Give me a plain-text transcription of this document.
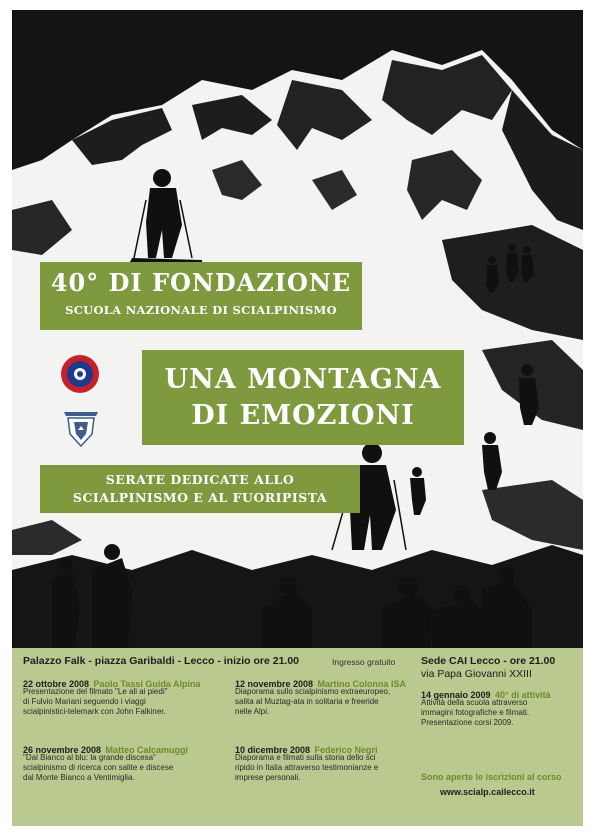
40° DI FONDAZIONE
SCUOLA NAZIONALE DI SCIALPINISMO
UNA MONTAGNA
DI EMOZIONI
SERATE DEDICATE ALLO
SCIALPINISMO E AL FUORIPISTA
Palazzo Falk - piazza Garibaldi - Lecco - inizio ore 21.00	Ingresso gratuito
22 ottobre 2008 Paolo Tassi Guida Alpina
Presentazione del filmato "Le ali ai piedi"
di Fulvio Mariani seguendo i viaggi
scialpinistici-telemark con John Falkiner.
12 novembre 2008 Martino Colonna ISA
Diaporama sullo scialpinismo extraeuropeo,
salita al Muztag-ata in solitaria e freeride
nelle Alpi.
26 novembre 2008 Matteo Calcamuggi
"Dal Bianco al blu: la grande discesa"
scialpinismo di ricerca con salite e discese
dal Monte Bianco a Ventimiglia.
10 dicembre 2008 Federico Negri
Diaporama e filmati sulla storia dello sci
ripido in Italia attraverso testimonianze e
imprese personali.
Sede CAI Lecco - ore 21.00
via Papa Giovanni XXIII
14 gennaio 2009 40° di attività
Attività della scuola attraverso
immagini fotografiche e filmati.
Presentazione corsi 2009.
Sono aperte le iscrizioni al corso
www.scialp.cailecco.it
